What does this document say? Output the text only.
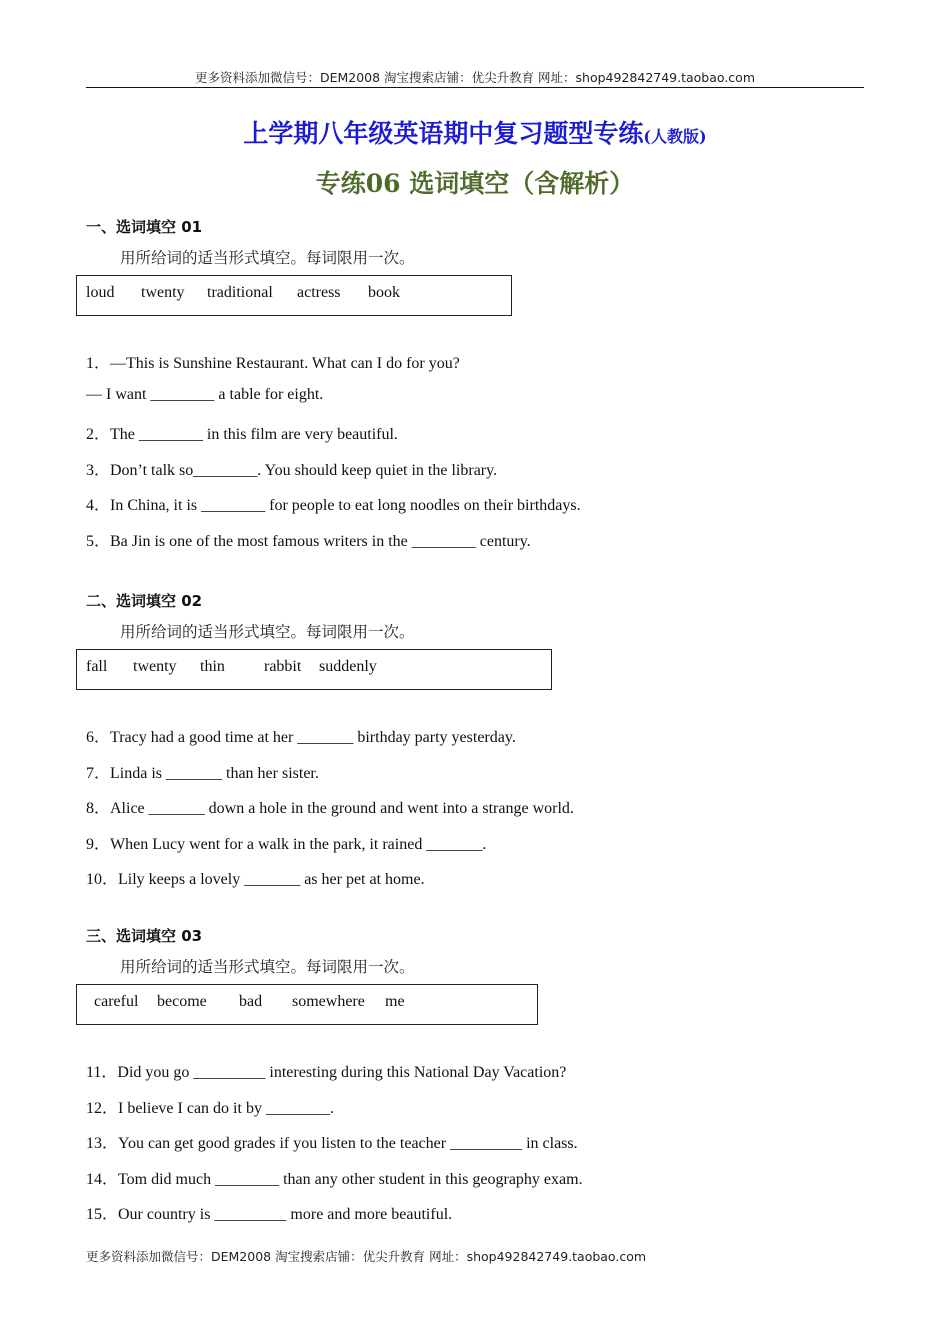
更多资料添加微信号：DEM2008 淘宝搜索店铺：优尖升教育 网址：shop492842749.taobao.com
上学期八年级英语期中复习题型专练(人教版)
专练06 选词填空（含解析）
一、选词填空 01
用所给词的适当形式填空。每词限用一次。
loud twenty traditional actress book
1．—This is Sunshine Restaurant. What can I do for you?
— I want ________ a table for eight.
2．The ________ in this film are very beautiful.
3．Don’t talk so________. You should keep quiet in the library.
4．In China, it is ________ for people to eat long noodles on their birthdays.
5．Ba Jin is one of the most famous writers in the ________ century.
二、选词填空 02
用所给词的适当形式填空。每词限用一次。
fall twenty thin rabbit suddenly
6．Tracy had a good time at her _______ birthday party yesterday.
7．Linda is _______ than her sister.
8．Alice _______ down a hole in the ground and went into a strange world.
9．When Lucy went for a walk in the park, it rained _______.
10．Lily keeps a lovely _______ as her pet at home.
三、选词填空 03
用所给词的适当形式填空。每词限用一次。
careful become bad somewhere me
11．Did you go _________ interesting during this National Day Vacation?
12．I believe I can do it by ________.
13．You can get good grades if you listen to the teacher _________ in class.
14．Tom did much ________ than any other student in this geography exam.
15．Our country is _________ more and more beautiful.
更多资料添加微信号：DEM2008 淘宝搜索店铺：优尖升教育 网址：shop492842749.taobao.com
